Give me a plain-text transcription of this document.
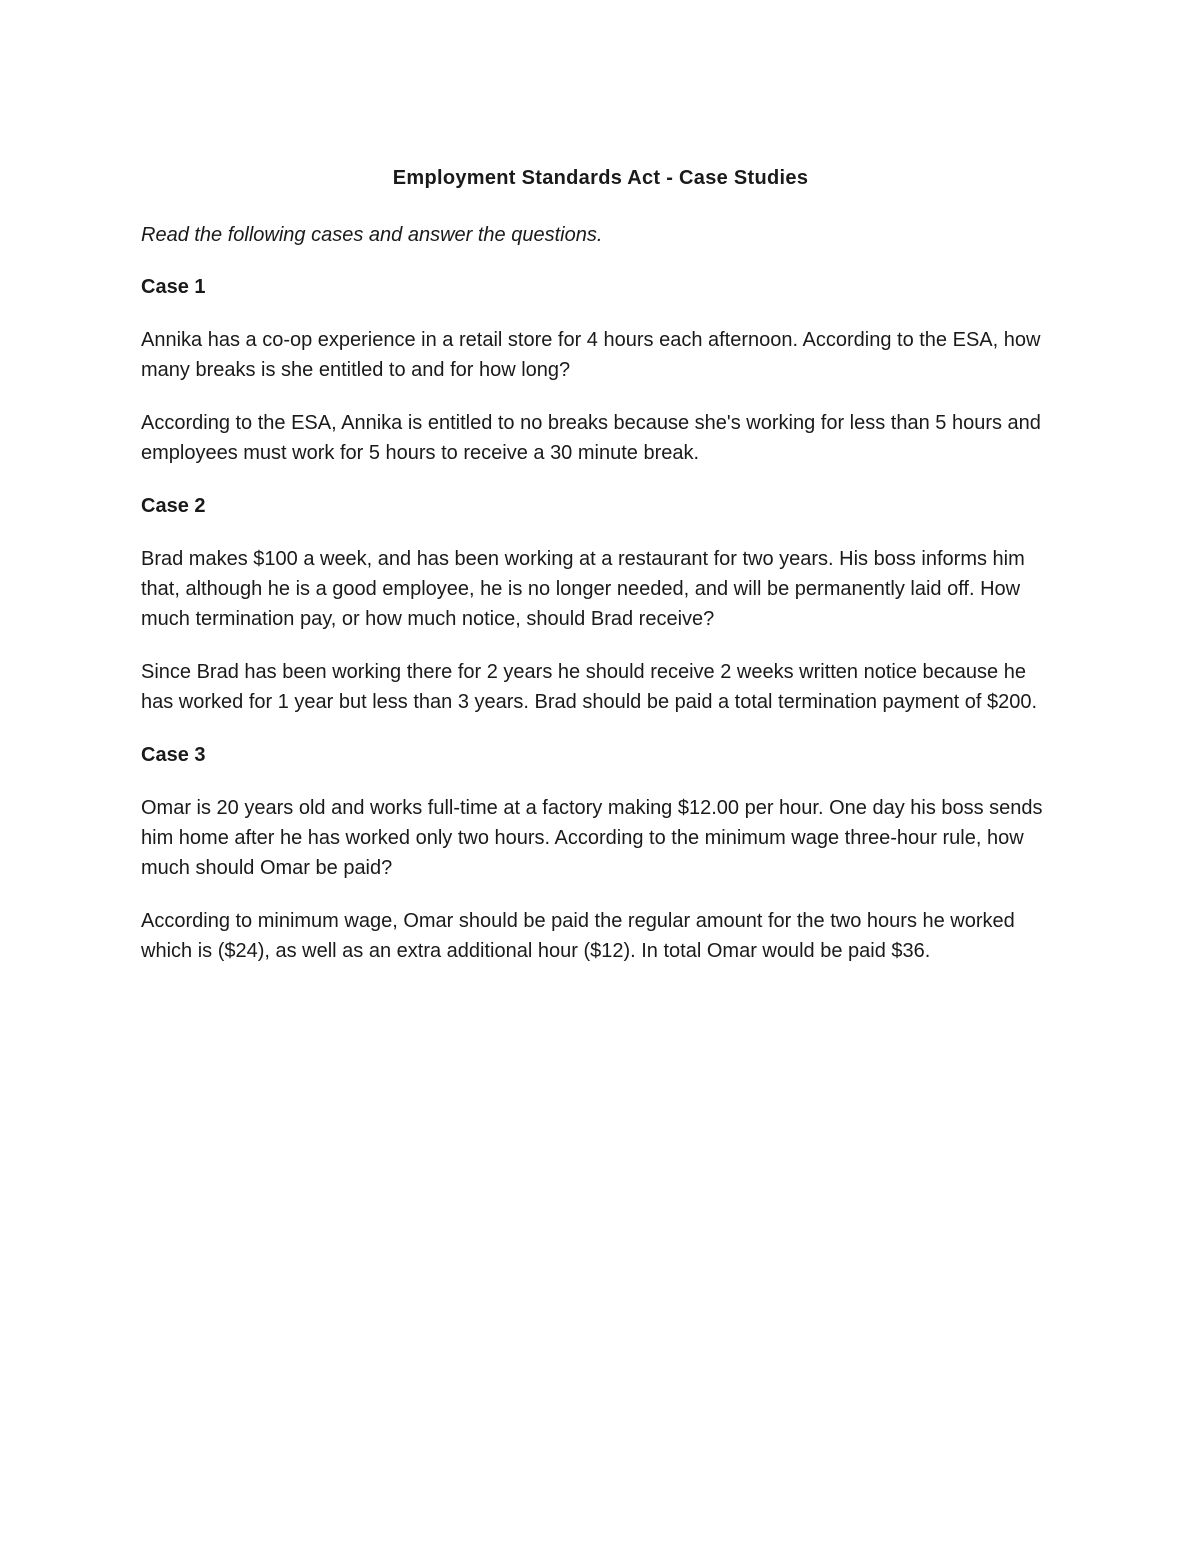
Employment Standards Act - Case Studies
Read the following cases and answer the questions.
Case 1
Annika has a co-op experience in a retail store for 4 hours each afternoon. According to the ESA, how many breaks is she entitled to and for how long?
According to the ESA, Annika is entitled to no breaks because she's working for less than 5 hours and employees must work for 5 hours to receive a 30 minute break.
Case 2
Brad makes $100 a week, and has been working at a restaurant for two years. His boss informs him that, although he is a good employee, he is no longer needed, and will be permanently laid off. How much termination pay, or how much notice, should Brad receive?
Since Brad has been working there for 2 years he should receive 2 weeks written notice because he has worked for 1 year but less than 3 years. Brad should be paid a total termination payment of $200.
Case 3
Omar is 20 years old and works full-time at a factory making $12.00 per hour. One day his boss sends him home after he has worked only two hours. According to the minimum wage three-hour rule, how much should Omar be paid?
According to minimum wage, Omar should be paid the regular amount for the two hours he worked which is ($24), as well as an extra additional hour ($12). In total Omar would be paid $36.
